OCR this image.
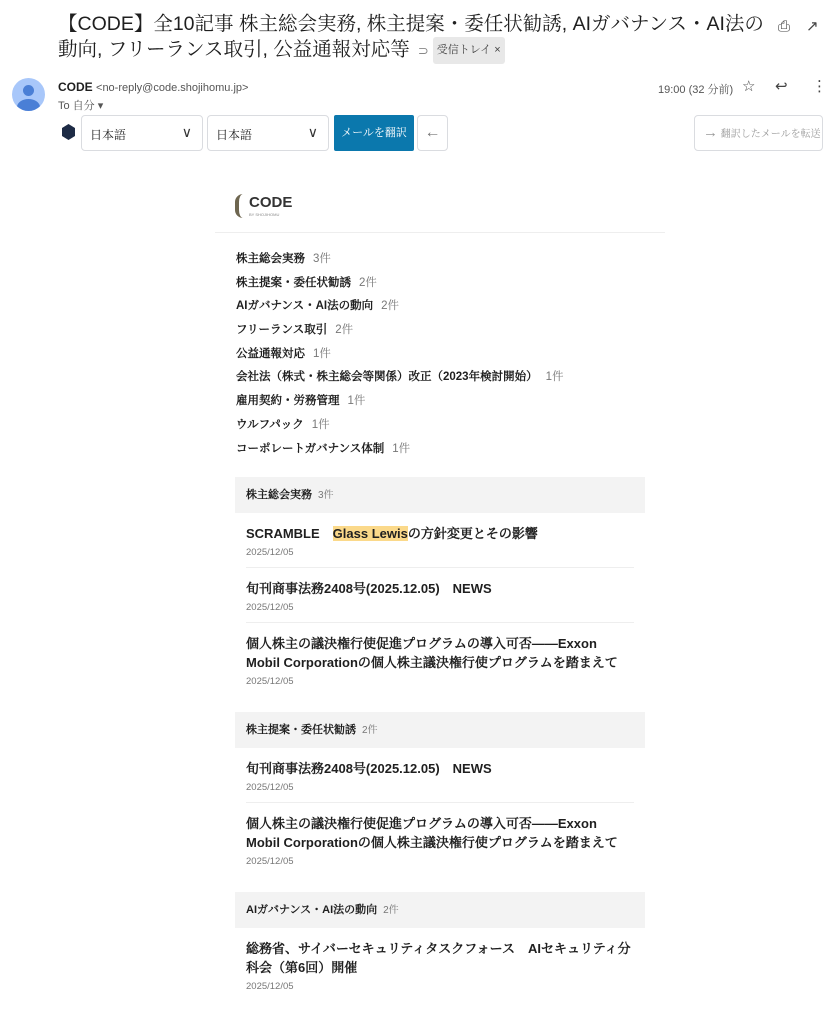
【CODE】全10記事 株主総会実務, 株主提案・委任状勧誘, AIガバナンス・AI法の動向, フリーランス取引, 公益通報対応等 ⊃ 受信トレイ ×
⎙ ↗
CODE <no-reply@code.shojihomu.jp>
To 自分 ▾
19:00 (32 分前) ☆ ↩ ⋮
日本語	∨	日本語	∨	メールを翻訳	←	→ 翻訳したメールを転送
CODE
BY SHOJIHOMU
株主総会実務 3件
株主提案・委任状勧誘 2件
AIガバナンス・AI法の動向 2件
フリーランス取引 2件
公益通報対応 1件
会社法（株式・株主総会等関係）改正（2023年検討開始） 1件
雇用契約・労務管理 1件
ウルフパック 1件
コーポレートガバナンス体制 1件
株主総会実務 3件
SCRAMBLE　Glass Lewisの方針変更とその影響
2025/12/05
旬刊商事法務2408号(2025.12.05)　NEWS
2025/12/05
個人株主の議決権行使促進プログラムの導入可否――Exxon Mobil Corporationの個人株主議決権行使プログラムを踏まえて
2025/12/05
株主提案・委任状勧誘 2件
旬刊商事法務2408号(2025.12.05)　NEWS
2025/12/05
個人株主の議決権行使促進プログラムの導入可否――Exxon Mobil Corporationの個人株主議決権行使プログラムを踏まえて
2025/12/05
AIガバナンス・AI法の動向 2件
総務省、サイバーセキュリティタスクフォース　AIセキュリティ分科会（第6回）開催
2025/12/05
